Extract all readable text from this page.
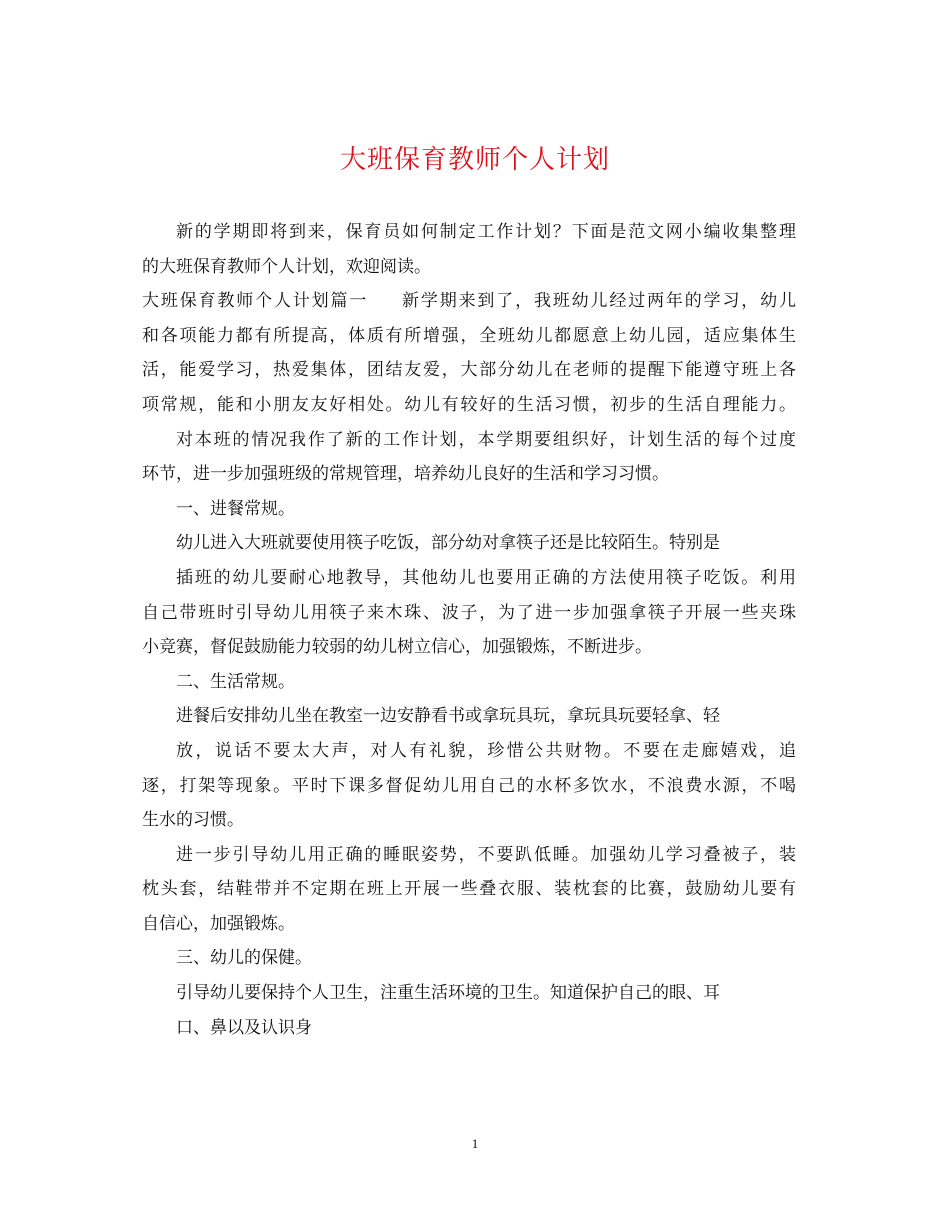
大班保育教师个人计划
新的学期即将到来，保育员如何制定工作计划？下面是范文网小编收集整理
的大班保育教师个人计划，欢迎阅读。
大班保育教师个人计划篇一 新学期来到了，我班幼儿经过两年的学习，幼儿
和各项能力都有所提高，体质有所增强，全班幼儿都愿意上幼儿园，适应集体生
活，能爱学习，热爱集体，团结友爱，大部分幼儿在老师的提醒下能遵守班上各
项常规，能和小朋友友好相处。幼儿有较好的生活习惯，初步的生活自理能力。
对本班的情况我作了新的工作计划，本学期要组织好，计划生活的每个过度
环节，进一步加强班级的常规管理，培养幼儿良好的生活和学习习惯。
一、进餐常规。
幼儿进入大班就要使用筷子吃饭，部分幼对拿筷子还是比较陌生。特别是
插班的幼儿要耐心地教导，其他幼儿也要用正确的方法使用筷子吃饭。利用
自己带班时引导幼儿用筷子来木珠、波子，为了进一步加强拿筷子开展一些夹珠
小竞赛，督促鼓励能力较弱的幼儿树立信心，加强锻炼，不断进步。
二、生活常规。
进餐后安排幼儿坐在教室一边安静看书或拿玩具玩，拿玩具玩要轻拿、轻
放，说话不要太大声，对人有礼貌，珍惜公共财物。不要在走廊嬉戏，追
逐，打架等现象。平时下课多督促幼儿用自己的水杯多饮水，不浪费水源，不喝
生水的习惯。
进一步引导幼儿用正确的睡眠姿势，不要趴低睡。加强幼儿学习叠被子，装
枕头套，结鞋带并不定期在班上开展一些叠衣服、装枕套的比赛，鼓励幼儿要有
自信心，加强锻炼。
三、幼儿的保健。
引导幼儿要保持个人卫生，注重生活环境的卫生。知道保护自己的眼、耳
口、鼻以及认识身
1
